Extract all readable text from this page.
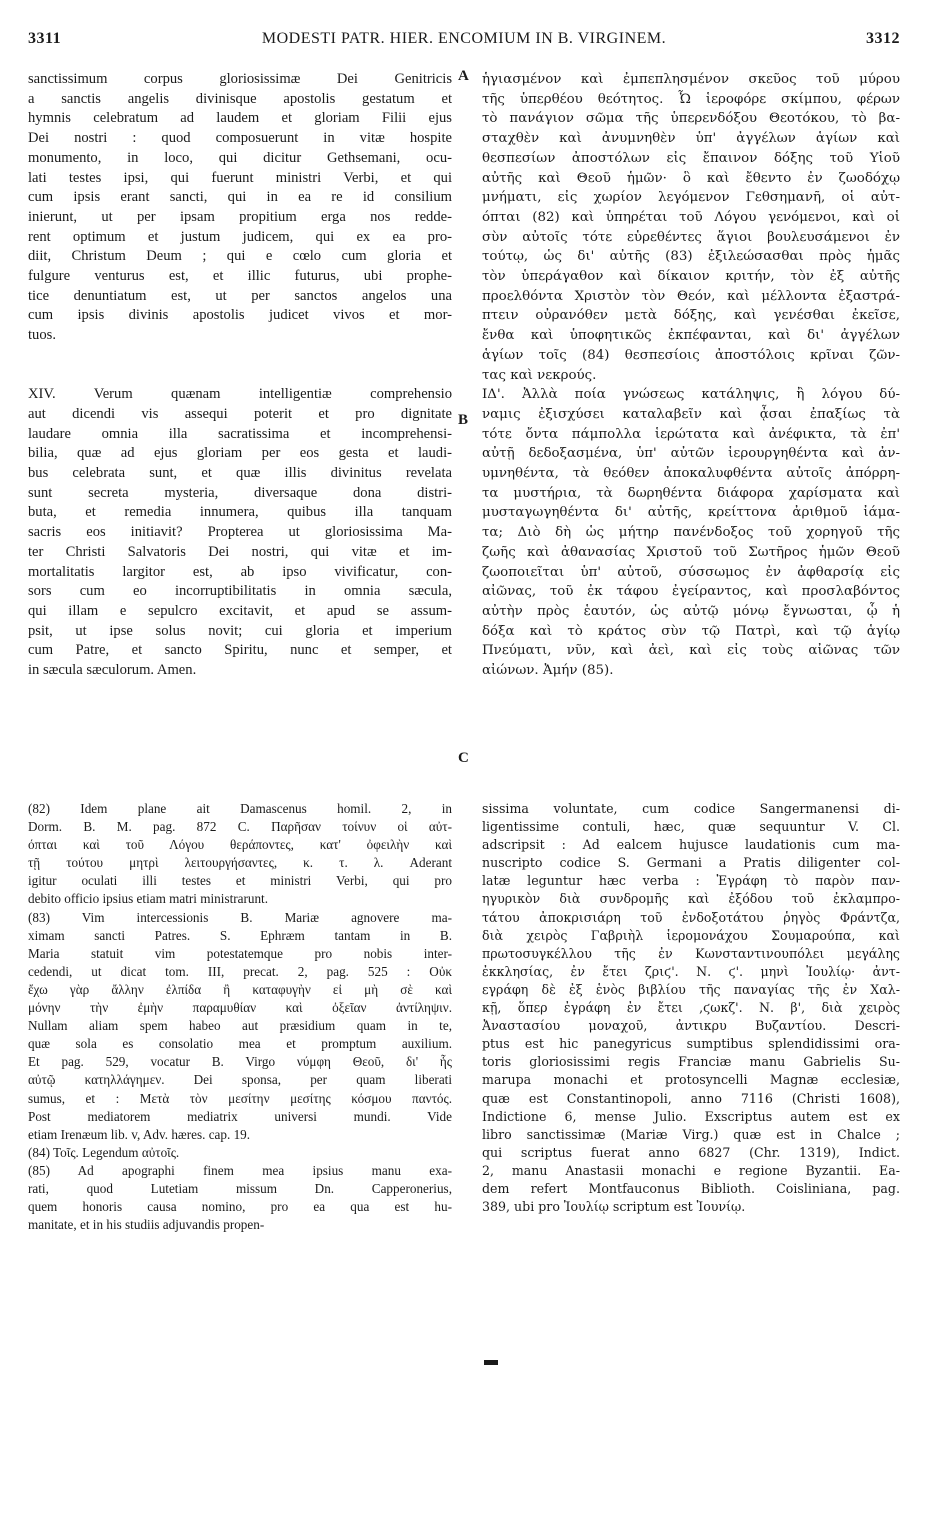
3311	MODESTI PATR. HIER. ENCOMIUM IN B. VIRGINEM.	3312
A
B
C
sanctissimum corpus gloriosissimæ Dei Genitricis
a sanctis angelis divinisque apostolis gestatum et
hymnis celebratum ad laudem et gloriam Filii ejus
Dei nostri : quod composuerunt in vitæ hospite
monumento, in loco, qui dicitur Gethsemani, ocu-
lati testes ipsi, qui fuerunt ministri Verbi, et qui
cum ipsis erant sancti, qui in ea re id consilium
inierunt, ut per ipsam propitium erga nos redde-
rent optimum et justum judicem, qui ex ea pro-
diit, Christum Deum ; qui e cœlo cum gloria et
fulgure venturus est, et illic futurus, ubi prophe-
tice denuntiatum est, ut per sanctos angelos una
cum ipsis divinis apostolis judicet vivos et mor-
tuos.

XIV. Verum quænam intelligentiæ comprehensio
aut dicendi vis assequi poterit et pro dignitate
laudare omnia illa sacratissima et incomprehensi-
bilia, quæ ad ejus gloriam per eos gesta et laudi-
bus celebrata sunt, et quæ illis divinitus revelata
sunt secreta mysteria, diversaque dona distri-
buta, et remedia innumera, quibus illa tanquam
sacris eos initiavit? Propterea ut gloriosissima Ma-
ter Christi Salvatoris Dei nostri, qui vitæ et im-
mortalitatis largitor est, ab ipso vivificatur, con-
sors cum eo incorruptibilitatis in omnia sæcula,
qui illam e sepulcro excitavit, et apud se assum-
psit, ut ipse solus novit; cui gloria et imperium
cum Patre, et sancto Spiritu, nunc et semper, et
in sæcula sæculorum. Amen.
ἡγιασμένον καὶ ἐμπεπλησμένον σκεῦος τοῦ μύρου
τῆς ὑπερθέου θεότητος. Ὦ ἱεροφόρε σκίμπου, φέρων
τὸ πανάγιον σῶμα τῆς ὑπερενδόξου Θεοτόκου, τὸ βα-
σταχθὲν καὶ ἀνυμνηθὲν ὑπ' ἀγγέλων ἁγίων καὶ
θεσπεσίων ἀποστόλων εἰς ἔπαινον δόξης τοῦ Υἱοῦ
αὐτῆς καὶ Θεοῦ ἡμῶν· ὃ καὶ ἔθεντο ἐν ζωοδόχῳ
μνήματι, εἰς χωρίον λεγόμενον Γεθσημανῆ, οἱ αὐτ-
όπται (82) καὶ ὑπηρέται τοῦ Λόγου γενόμενοι, καὶ οἱ
σὺν αὐτοῖς τότε εὑρεθέντες ἅγιοι βουλευσάμενοι ἐν
τούτῳ, ὡς δι' αὐτῆς (83) ἐξιλεώσασθαι πρὸς ἡμᾶς
τὸν ὑπεράγαθον καὶ δίκαιον κριτήν, τὸν ἐξ αὐτῆς
προελθόντα Χριστὸν τὸν Θεόν, καὶ μέλλοντα ἐξαστρά-
πτειν οὐρανόθεν μετὰ δόξης, καὶ γενέσθαι ἐκεῖσε,
ἔνθα καὶ ὑποφητικῶς ἐκπέφανται, καὶ δι' ἀγγέλων
ἁγίων τοῖς (84) θεσπεσίοις ἀποστόλοις κρῖναι ζῶν-
τας καὶ νεκρούς.
ΙΔ'. Ἀλλὰ ποία γνώσεως κατάληψις, ἢ λόγου δύ-
ναμις ἐξισχύσει καταλαβεῖν καὶ ᾆσαι ἐπαξίως τὰ
τότε ὄντα πάμπολλα ἱερώτατα καὶ ἀνέφικτα, τὰ ἐπ'
αὐτῇ δεδοξασμένα, ὑπ' αὐτῶν ἱερουργηθέντα καὶ ἀν-
υμνηθέντα, τὰ θεόθεν ἀποκαλυφθέντα αὐτοῖς ἀπόρρη-
τα μυστήρια, τὰ δωρηθέντα διάφορα χαρίσματα καὶ
μυσταγωγηθέντα δι' αὐτῆς, κρείττονα ἀριθμοῦ ἰάμα-
τα; Διὸ δὴ ὡς μήτηρ πανένδοξος τοῦ χορηγοῦ τῆς
ζωῆς καὶ ἀθανασίας Χριστοῦ τοῦ Σωτῆρος ἡμῶν Θεοῦ
ζωοποιεῖται ὑπ' αὐτοῦ, σύσσωμος ἐν ἀφθαρσίᾳ εἰς
αἰῶνας, τοῦ ἐκ τάφου ἐγείραντος, καὶ προσλαβόντος
αὐτὴν πρὸς ἑαυτόν, ὡς αὐτῷ μόνῳ ἔγνωσται, ᾧ ἡ
δόξα καὶ τὸ κράτος σὺν τῷ Πατρὶ, καὶ τῷ ἁγίῳ
Πνεύματι, νῦν, καὶ ἀεὶ, καὶ εἰς τοὺς αἰῶνας τῶν
αἰώνων. Ἀμήν (85).
(82) Idem plane ait Damascenus homil. 2, in
Dorm. B. M. pag. 872 C. Παρῆσαν τοίνυν οἱ αὐτ-
όπται καὶ τοῦ Λόγου θεράποντες, κατ' ὀφειλὴν καὶ
τῇ τούτου μητρὶ λειτουργήσαντες, κ. τ. λ. Aderant
igitur oculati illi testes et ministri Verbi, qui pro
debito officio ipsius etiam matri ministrarunt.
(83) Vim intercessionis B. Mariæ agnovere ma-
ximam sancti Patres. S. Ephræm tantam in B.
Maria statuit vim potestatemque pro nobis inter-
cedendi, ut dicat tom. III, precat. 2, pag. 525 : Οὐκ
ἔχω γὰρ ἄλλην ἐλπίδα ἢ καταφυγὴν εἰ μὴ σὲ καὶ
μόνην τὴν ἐμὴν παραμυθίαν καὶ ὀξεῖαν ἀντίληψιν.
Nullam aliam spem habeo aut præsidium quam in te,
quæ sola es consolatio mea et promptum auxilium.
Et pag. 529, vocatur B. Virgo νύμφη Θεοῦ, δι' ἧς
αὐτῷ κατηλλάγημεν. Dei sponsa, per quam liberati
sumus, et : Μετὰ τὸν μεσίτην μεσίτης κόσμου παντός.
Post mediatorem mediatrix universi mundi. Vide
etiam Irenæum lib. v, Adv. hæres. cap. 19.
(84) Τοῖς. Legendum αὐτοῖς.
(85) Ad apographi finem mea ipsius manu exa-
rati, quod Lutetiam missum Dn. Capperonerius,
quem honoris causa nomino, pro ea qua est hu-
manitate, et in his studiis adjuvandis propen-
sissima voluntate, cum codice Sangermanensi di-
ligentissime contuli, hæc, quæ sequuntur V. Cl.
adscripsit : Ad ealcem hujusce laudationis cum ma-
nuscripto codice S. Germani a Pratis diligenter col-
latæ leguntur hæc verba : Ἐγράφη τὸ παρὸν παν-
ηγυρικὸν διὰ συνδρομῆς καὶ ἐξόδου τοῦ ἐκλαμπρο-
τάτου ἀποκρισιάρη τοῦ ἐνδοξοτάτου ῥηγὸς Φράντζα,
διὰ χειρὸς Γαβριὴλ ἱερομονάχου Σουμαρούπα, καὶ
πρωτοσυγκέλλου τῆς ἐν Κωνσταντινουπόλει μεγάλης
ἐκκλησίας, ἐν ἔτει ζριϛ'. Ν. ϛ'. μηνὶ Ἰουλίῳ· ἀντ-
εγράφη δὲ ἐξ ἑνὸς βιβλίου τῆς παναγίας τῆς ἐν Χαλ-
κῇ, ὅπερ ἐγράφη ἐν ἔτει ,ϛωκζ'. Ν. β', διὰ χειρὸς
Ἀναστασίου μοναχοῦ, ἀντικρυ Βυζαντίου. Descri-
ptus est hic panegyricus sumptibus splendidissimi ora-
toris gloriosissimi regis Franciæ manu Gabrielis Su-
marupa monachi et protosyncelli Magnæ ecclesiæ,
quæ est Constantinopoli, anno 7116 (Christi 1608),
Indictione 6, mense Julio. Exscriptus autem est ex
libro sanctissimæ (Mariæ Virg.) quæ est in Chalce ;
qui scriptus fuerat anno 6827 (Chr. 1319), Indict.
2, manu Anastasii monachi e regione Byzantii. Ea-
dem refert Montfauconus Biblioth. Coisliniana, pag.
389, ubi pro Ἰουλίῳ scriptum est Ἰουνίῳ.
